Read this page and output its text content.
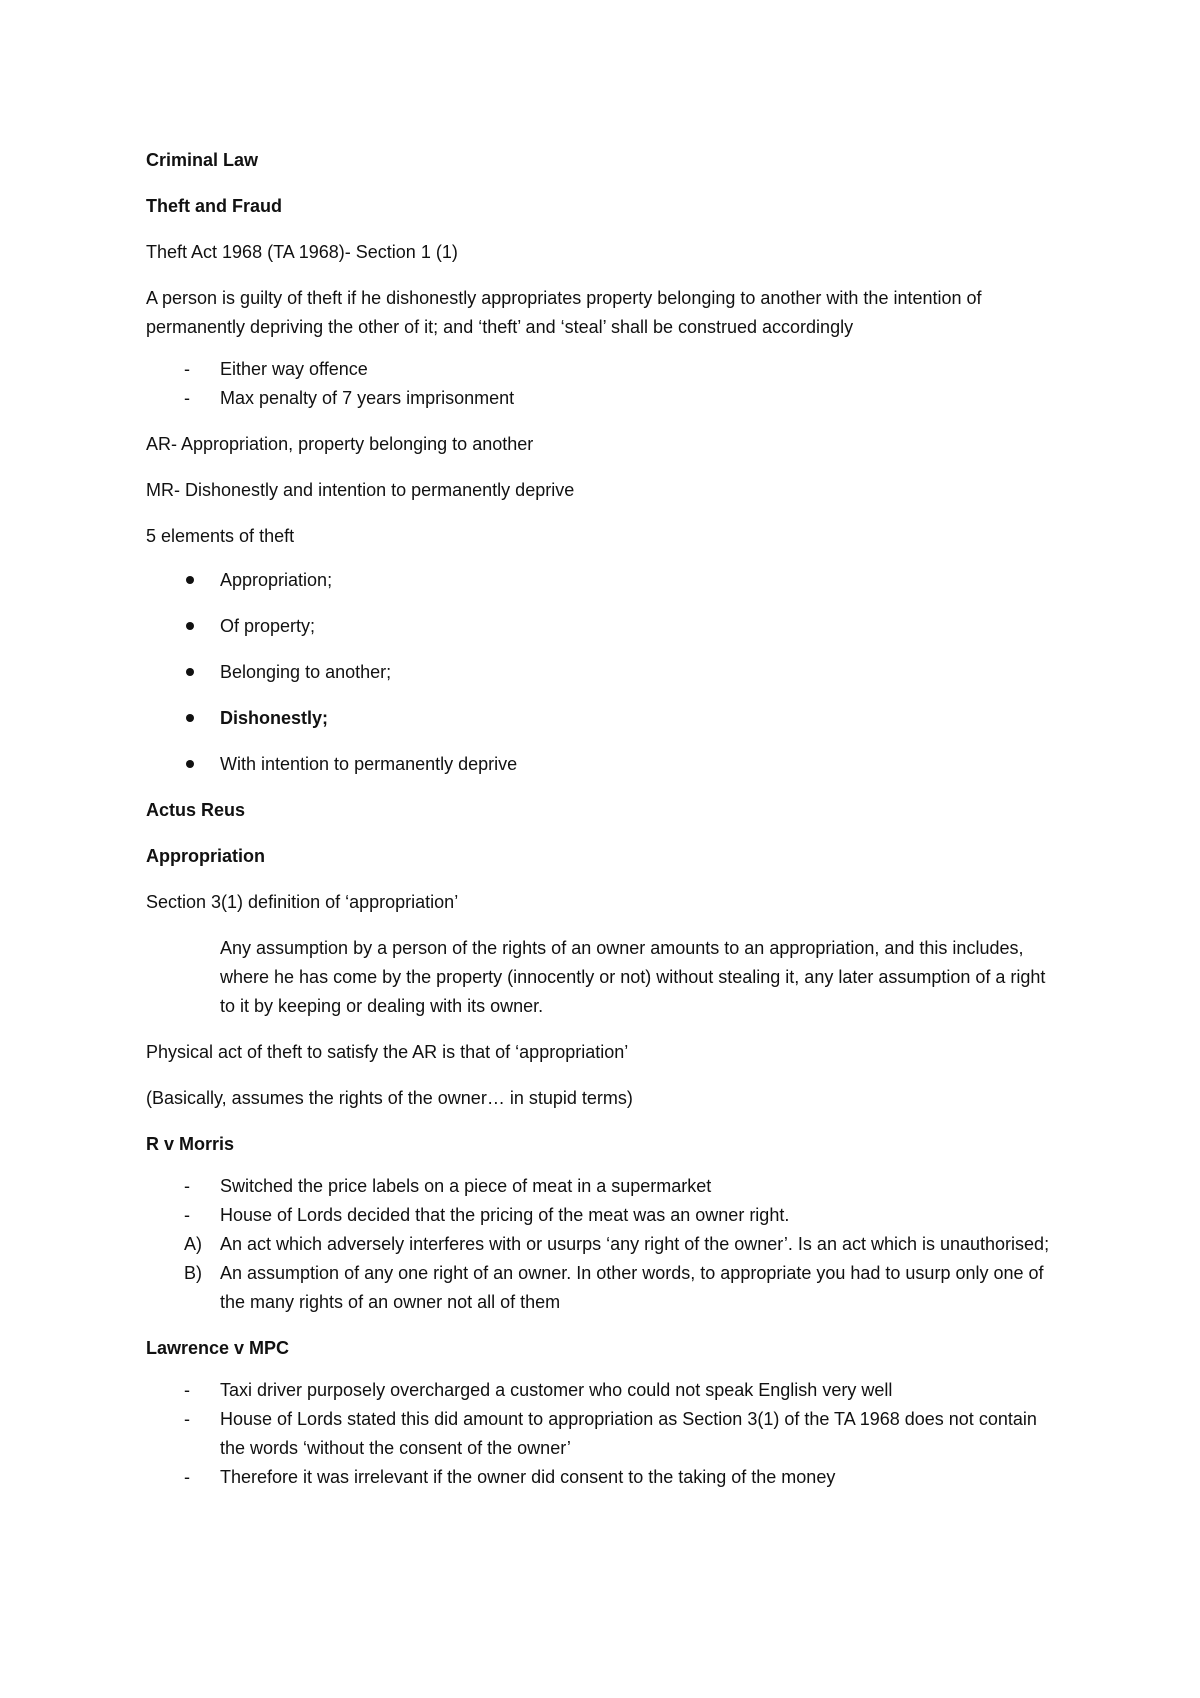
Criminal Law

Theft and Fraud

Theft Act 1968 (TA 1968)- Section 1 (1)

A person is guilty of theft if he dishonestly appropriates property belonging to another with the intention of permanently depriving the other of it; and ‘theft’ and ‘steal’ shall be construed accordingly

- Either way offence
- Max penalty of 7 years imprisonment

AR- Appropriation, property belonging to another

MR- Dishonestly and intention to permanently deprive

5 elements of theft

Appropriation;
Of property;
Belonging to another;
Dishonestly;
With intention to permanently deprive

Actus Reus

Appropriation

Section 3(1) definition of ‘appropriation’

Any assumption by a person of the rights of an owner amounts to an appropriation, and this includes, where he has come by the property (innocently or not) without stealing it, any later assumption of a right to it by keeping or dealing with its owner.

Physical act of theft to satisfy the AR is that of ‘appropriation’

(Basically, assumes the rights of the owner… in stupid terms)

R v Morris

- Switched the price labels on a piece of meat in a supermarket
- House of Lords decided that the pricing of the meat was an owner right.
A) An act which adversely interferes with or usurps ‘any right of the owner’. Is an act which is unauthorised;
B) An assumption of any one right of an owner. In other words, to appropriate you had to usurp only one of the many rights of an owner not all of them

Lawrence v MPC

- Taxi driver purposely overcharged a customer who could not speak English very well
- House of Lords stated this did amount to appropriation as Section 3(1) of the TA 1968 does not contain the words ‘without the consent of the owner’
- Therefore it was irrelevant if the owner did consent to the taking of the money
